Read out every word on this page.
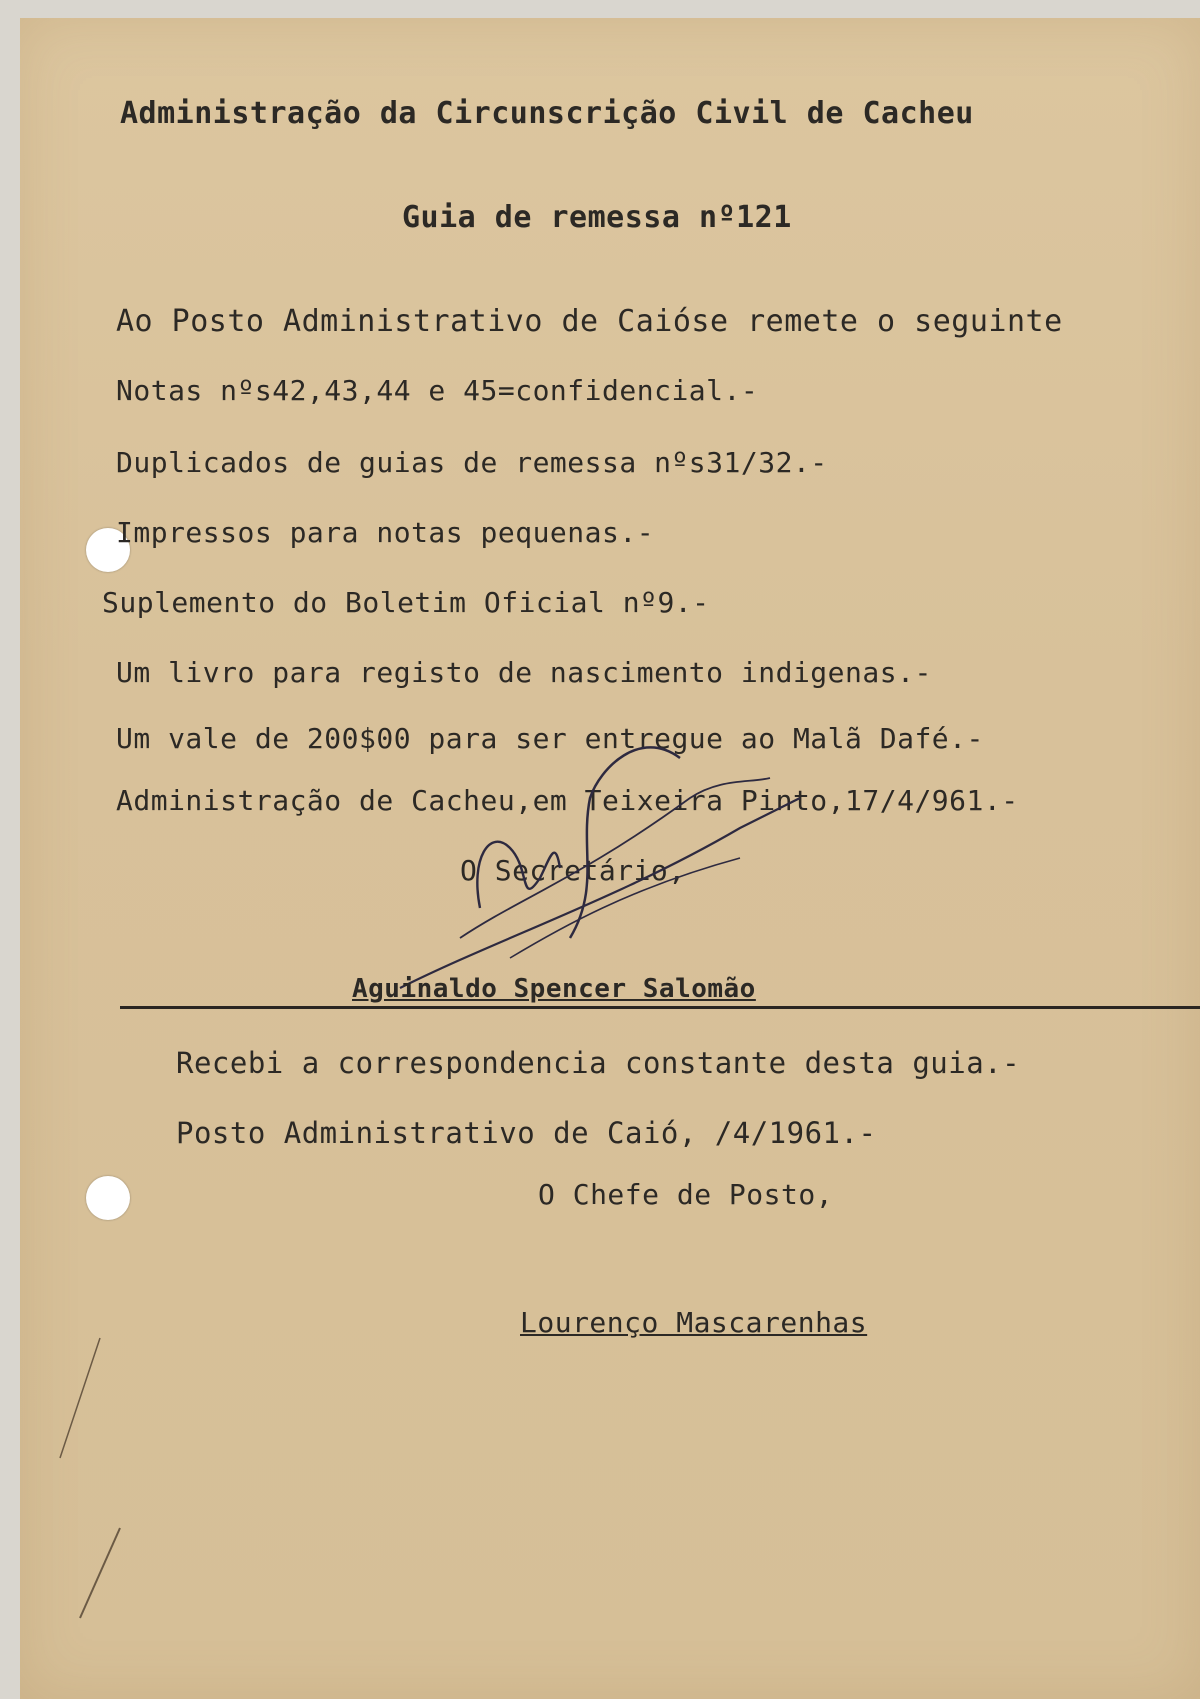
Administração da Circunscrição Civil de Cacheu
Guia de remessa nº121
Ao Posto Administrativo de Caióse remete o seguinte
Notas nºs42,43,44 e 45=confidencial.-
Duplicados de guias de remessa nºs31/32.-
Impressos para notas pequenas.-
Suplemento do Boletim Oficial nº9.-
Um livro para registo de nascimento indigenas.-
Um vale de 200$00 para ser entregue ao Malã Dafé.-
Administração de Cacheu,em Teixeira Pinto,17/4/961.-
O Secretário,
Aguinaldo Spencer Salomão
Recebi a correspondencia constante desta guia.-
Posto Administrativo de Caió, /4/1961.-
O Chefe de Posto,
Lourenço Mascarenhas
